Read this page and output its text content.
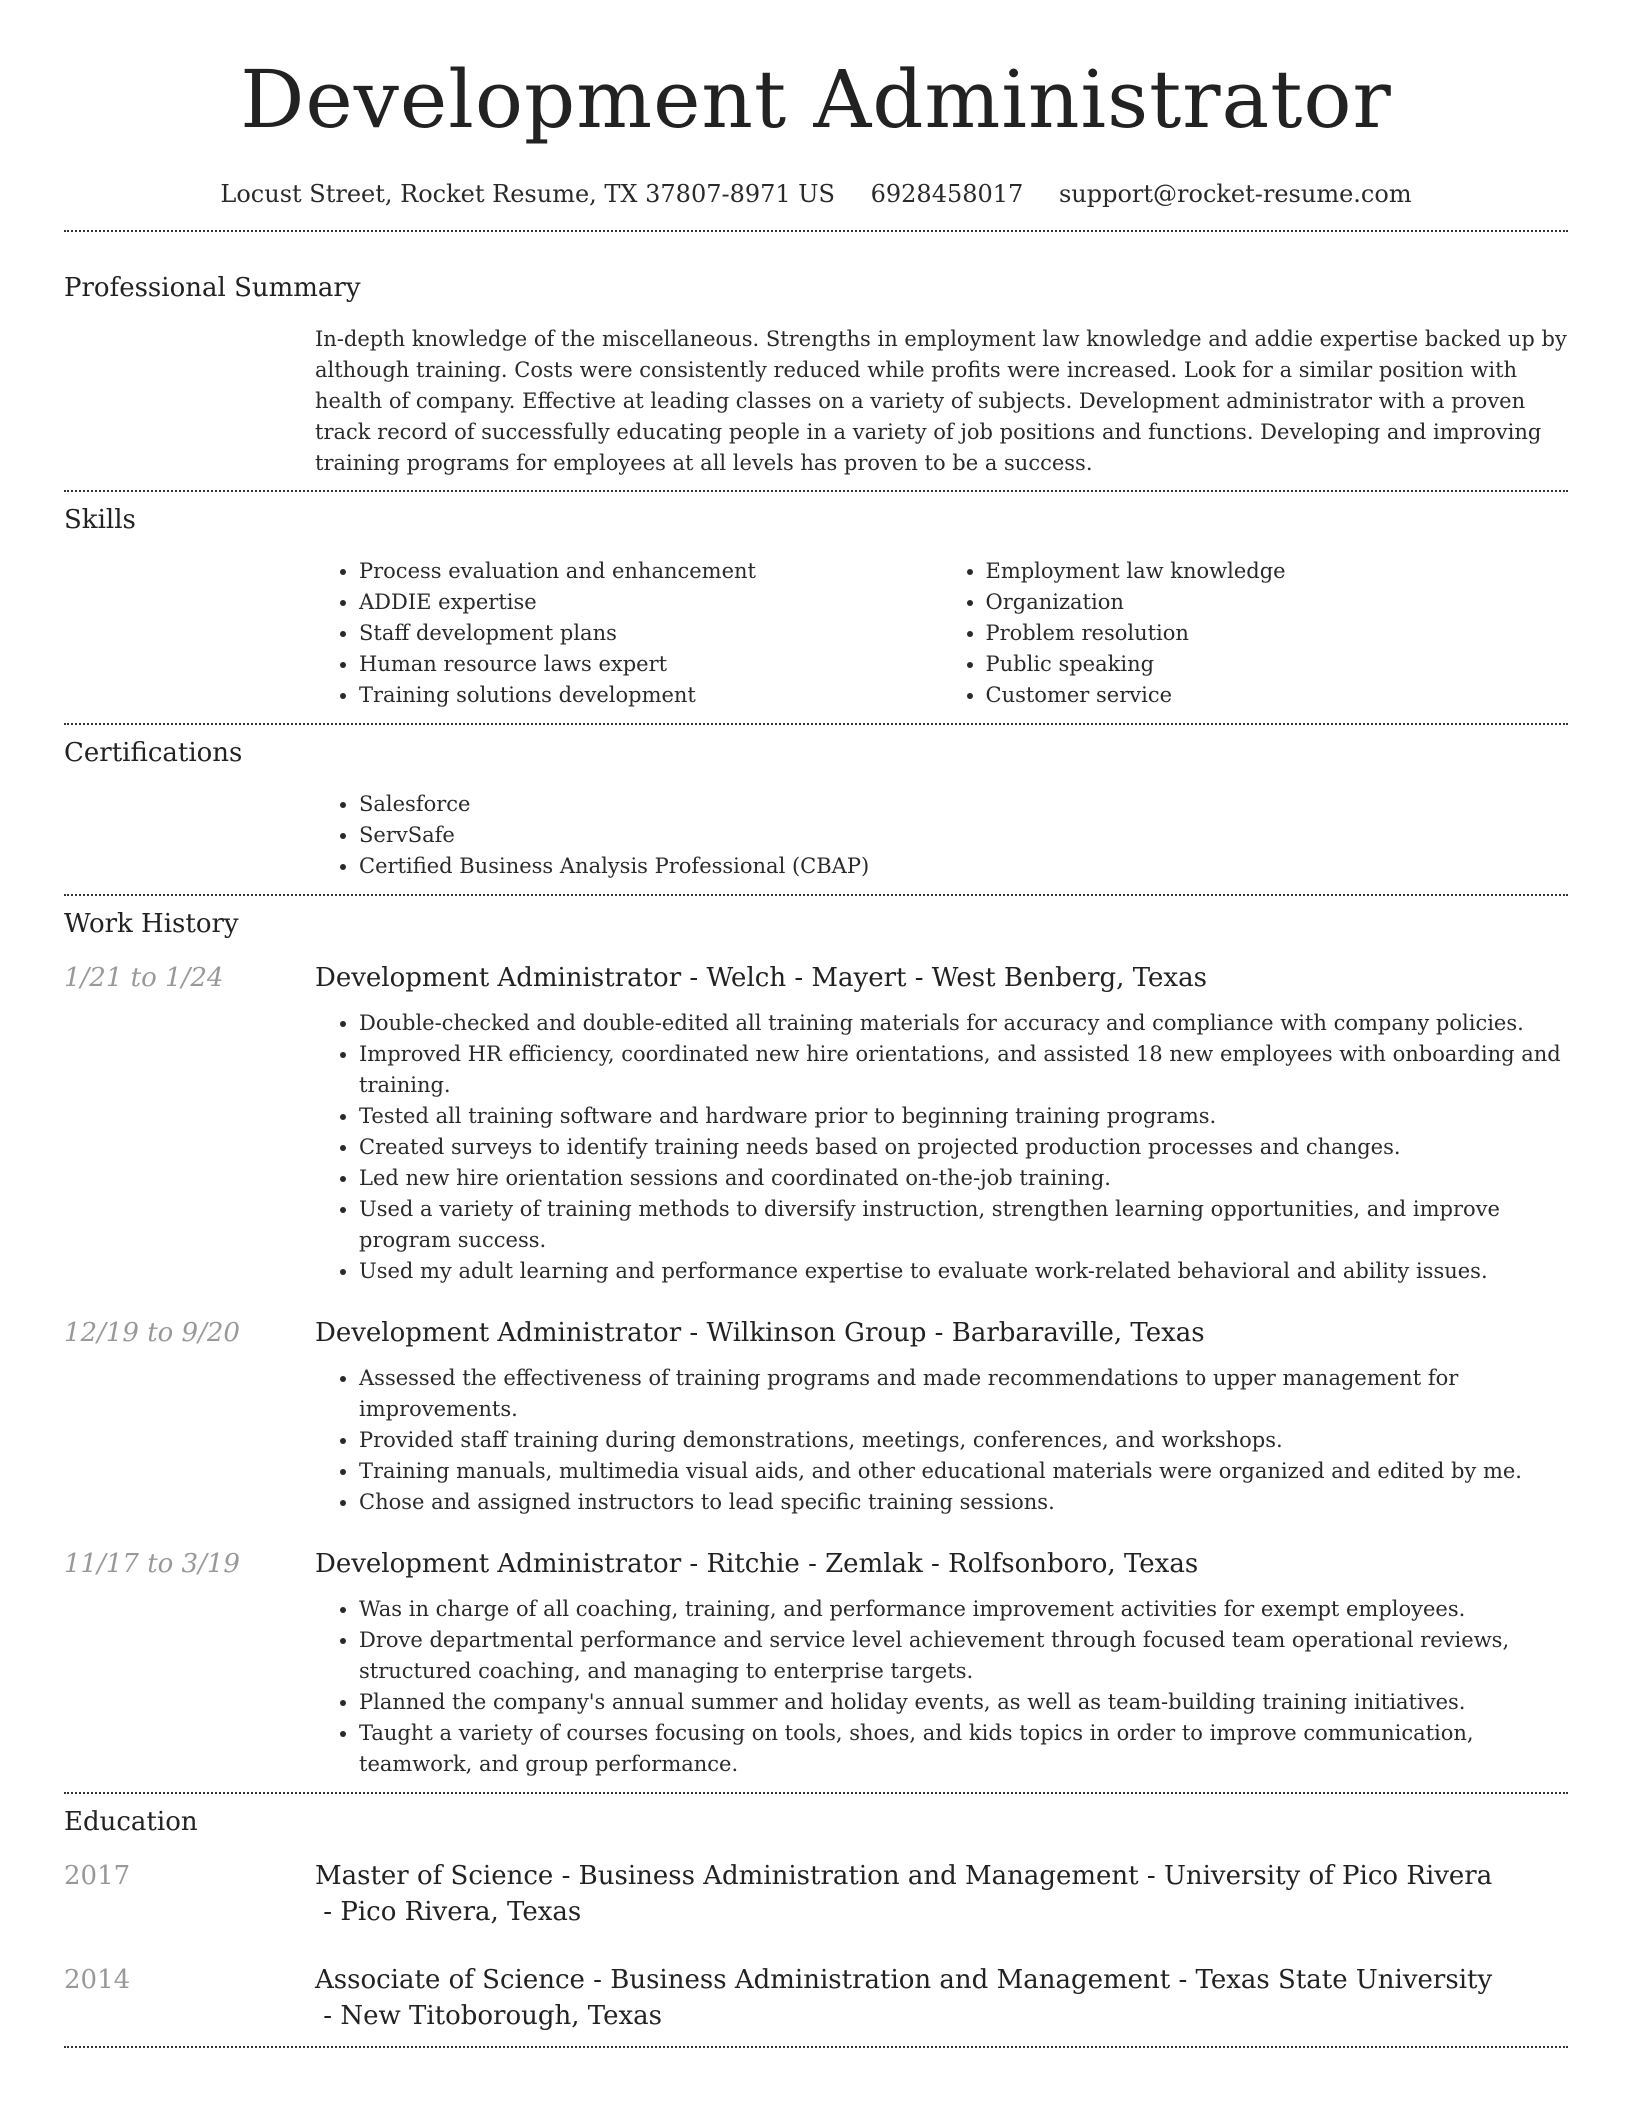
Development Administrator
Locust Street, Rocket Resume, TX 37807-8971 US 6928458017 support@rocket-resume.com
Professional Summary
In-depth knowledge of the miscellaneous. Strengths in employment law knowledge and addie expertise backed up by although training. Costs were consistently reduced while profits were increased. Look for a similar position with health of company. Effective at leading classes on a variety of subjects. Development administrator with a proven track record of successfully educating people in a variety of job positions and functions. Developing and improving training programs for employees at all levels has proven to be a success.
Skills
• Process evaluation and enhancement
• ADDIE expertise
• Staff development plans
• Human resource laws expert
• Training solutions development
• Employment law knowledge
• Organization
• Problem resolution
• Public speaking
• Customer service
Certifications
• Salesforce
• ServSafe
• Certified Business Analysis Professional (CBAP)
Work History
1/21 to 1/24	Development Administrator - Welch - Mayert - West Benberg, Texas
• Double-checked and double-edited all training materials for accuracy and compliance with company policies.
• Improved HR efficiency, coordinated new hire orientations, and assisted 18 new employees with onboarding and training.
• Tested all training software and hardware prior to beginning training programs.
• Created surveys to identify training needs based on projected production processes and changes.
• Led new hire orientation sessions and coordinated on-the-job training.
• Used a variety of training methods to diversify instruction, strengthen learning opportunities, and improve program success.
• Used my adult learning and performance expertise to evaluate work-related behavioral and ability issues.
12/19 to 9/20	Development Administrator - Wilkinson Group - Barbaraville, Texas
• Assessed the effectiveness of training programs and made recommendations to upper management for improvements.
• Provided staff training during demonstrations, meetings, conferences, and workshops.
• Training manuals, multimedia visual aids, and other educational materials were organized and edited by me.
• Chose and assigned instructors to lead specific training sessions.
11/17 to 3/19	Development Administrator - Ritchie - Zemlak - Rolfsonboro, Texas
• Was in charge of all coaching, training, and performance improvement activities for exempt employees.
• Drove departmental performance and service level achievement through focused team operational reviews, structured coaching, and managing to enterprise targets.
• Planned the company's annual summer and holiday events, as well as team-building training initiatives.
• Taught a variety of courses focusing on tools, shoes, and kids topics in order to improve communication, teamwork, and group performance.
Education
2017	Master of Science - Business Administration and Management - University of Pico Rivera - Pico Rivera, Texas
2014	Associate of Science - Business Administration and Management - Texas State University - New Titoborough, Texas
